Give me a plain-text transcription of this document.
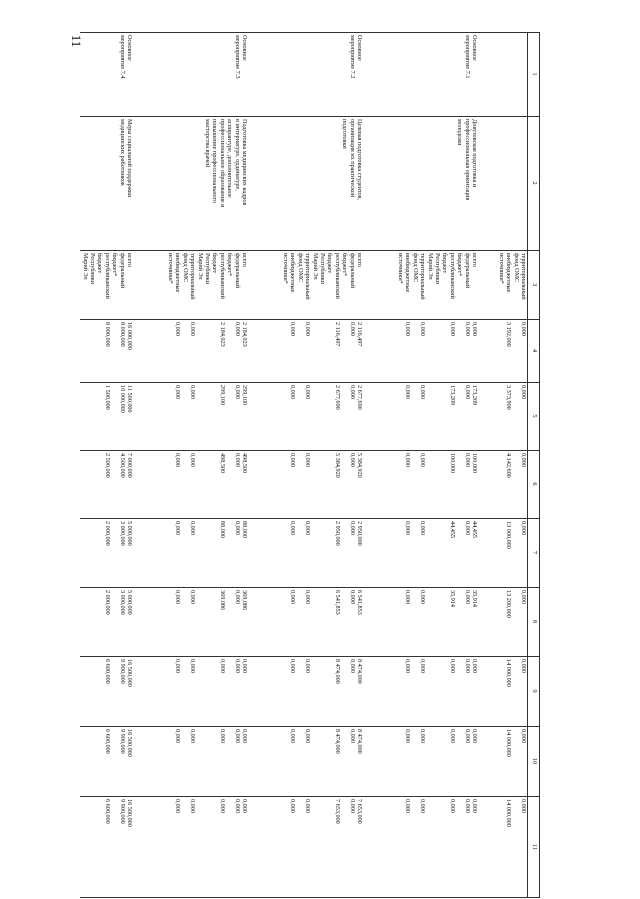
11
1
2
3
4
5
6
7
8
9
10
11
территориальный
фонд ОМС
внебюджетные
источники*
0,000

3 192,000
0,000

3 373,900
0,000

4 142,600
0,000

13 000,000
0,000

13 200,000
0,000

14 000,000
0,000

14 000,000
0,000

14 000,000
Основное
мероприятие 7.1
Довузовская подготовка и
профессиональная ориентация
молодежи
всего
федеральный
бюджет*
республиканский
бюджет
Республики
Марий Эл
территориальный
фонд ОМС
внебюджетные
источники*
0,000
0,000

0,000

0,000

0,000
173,209
0,000

173,209

0,000

0,000
100,000
0,000

100,000

0,000

0,000
44,455
0,000

44,455

0,000

0,000
35,914
0,000

35,914

0,000

0,000
0,000
0,000

0,000

0,000

0,000
0,000
0,000

0,000

0,000

0,000
0,000
0,000

0,000

0,000

0,000
Основное
мероприятие 7.2
Целевая подготовка студентов,
организация их практической
подготовки
всего
федеральный
бюджет*
республиканский
бюджет
Республики
Марий Эл
территориальный
фонд ОМС
внебюджетные
источники*
2 116,497
0,000

2 116,497

0,000

0,000
2 677,690
0,000

2 677,690

0,000

0,000
5 384,920
0,000

5 384,920

0,000

0,000
2 950,000
0,000

2 950,000

0,000

0,000
6 541,853
0,000

6 541,853

0,000

0,000
8 474,000
0,000

8 474,000

0,000

0,000
8 474,000
0,000

8 474,000

0,000

0,000
7 653,000
0,000

7 653,000

0,000

0,000
Основное
мероприятие 7.3
Подготовка медицинских кадров
в интернатуре, ординатуре,
аспирантуре, дополнительное
профессиональное образование и
повышение профессионального
мастерства врачей
всего
федеральный
бюджет*
республиканский
бюджет
Республики
Марий Эл
территориальный
фонд ОМС
внебюджетные
источники*
2 184,023
0,000

2 184,023

0,000

0,000
299,100
0,000

299,100

0,000

0,000
498,500
0,000

498,500

0,000

0,000
88,000
0,000

88,000

0,000

0,000
369,086
0,000

369,086

0,000

0,000
0,000
0,000

0,000

0,000

0,000
0,000
0,000

0,000

0,000

0,000
0,000
0,000

0,000

0,000

0,000
Основное
мероприятие 7.4
Меры социальной поддержки
медицинских работников
всего
федеральный
бюджет*
республиканский
бюджет
Республики
Марий Эл
16 000,000
8 000,000

8 000,000
11 500,000
10 000,000

1 500,000
7 000,000
4 500,000

2 500,000
5 000,000
3 000,000

2 000,000
5 000,000
3 000,000

2 000,000
16 500,000
9 900,000

6 600,000
16 500,000
9 900,000

6 600,000
16 500,000
9 900,000

6 600,000
